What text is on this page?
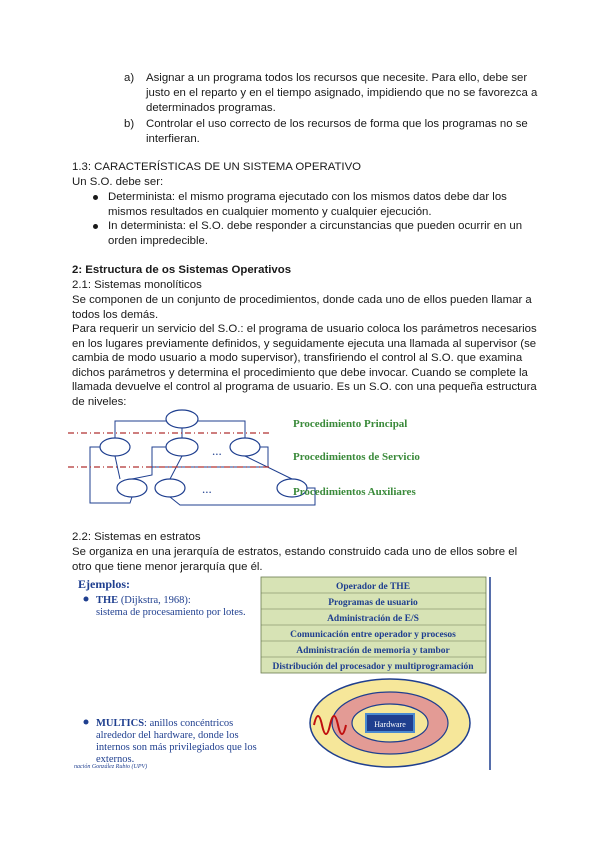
a) Asignar a un programa todos los recursos que necesite. Para ello, debe ser
justo en el reparto y en el tiempo asignado, impidiendo que no se favorezca a
determinados programas.
b) Controlar el uso correcto de los recursos de forma que los programas no se
interfieran.
1.3: CARACTERÍSTICAS DE UN SISTEMA OPERATIVO
Un S.O. debe ser:
Determinista: el mismo programa ejecutado con los mismos datos debe dar los
mismos resultados en cualquier momento y cualquier ejecución.
In determinista: el S.O. debe responder a circunstancias que pueden ocurrir en un
orden impredecible.
2: Estructura de os Sistemas Operativos
2.1: Sistemas monolíticos
Se componen de un conjunto de procedimientos, donde cada uno de ellos pueden llamar a
todos los demás.
Para requerir un servicio del S.O.: el programa de usuario coloca los parámetros necesarios
en los lugares previamente definidos, y seguidamente ejecuta una llamada al supervisor (se
cambia de modo usuario a modo supervisor), transfiriendo el control al S.O. que examina
dichos parámetros y determina el procedimiento que debe invocar. Cuando se complete la
llamada devuelve el control al programa de usuario. Es un S.O. con una pequeña estructura
de niveles:
...
...
Procedimiento Principal
Procedimientos de Servicio
Procedimientos Auxiliares
2.2: Sistemas en estratos
Se organiza en una jerarquía de estratos, estando construido cada uno de ellos sobre el
otro que tiene menor jerarquía que él.
Ejemplos:
THE (Dijkstra, 1968):
sistema de procesamiento por lotes.
MULTICS: anillos concéntricos
alrededor del hardware, donde los
internos son más privilegiados que los
externos.
Operador de THE
Programas de usuario
Administración de E/S
Comunicación entre operador y procesos
Administración de memoria y tambor
Distribución del procesador y multiprogramación
Hardware
nación González Rubio (UPV)
